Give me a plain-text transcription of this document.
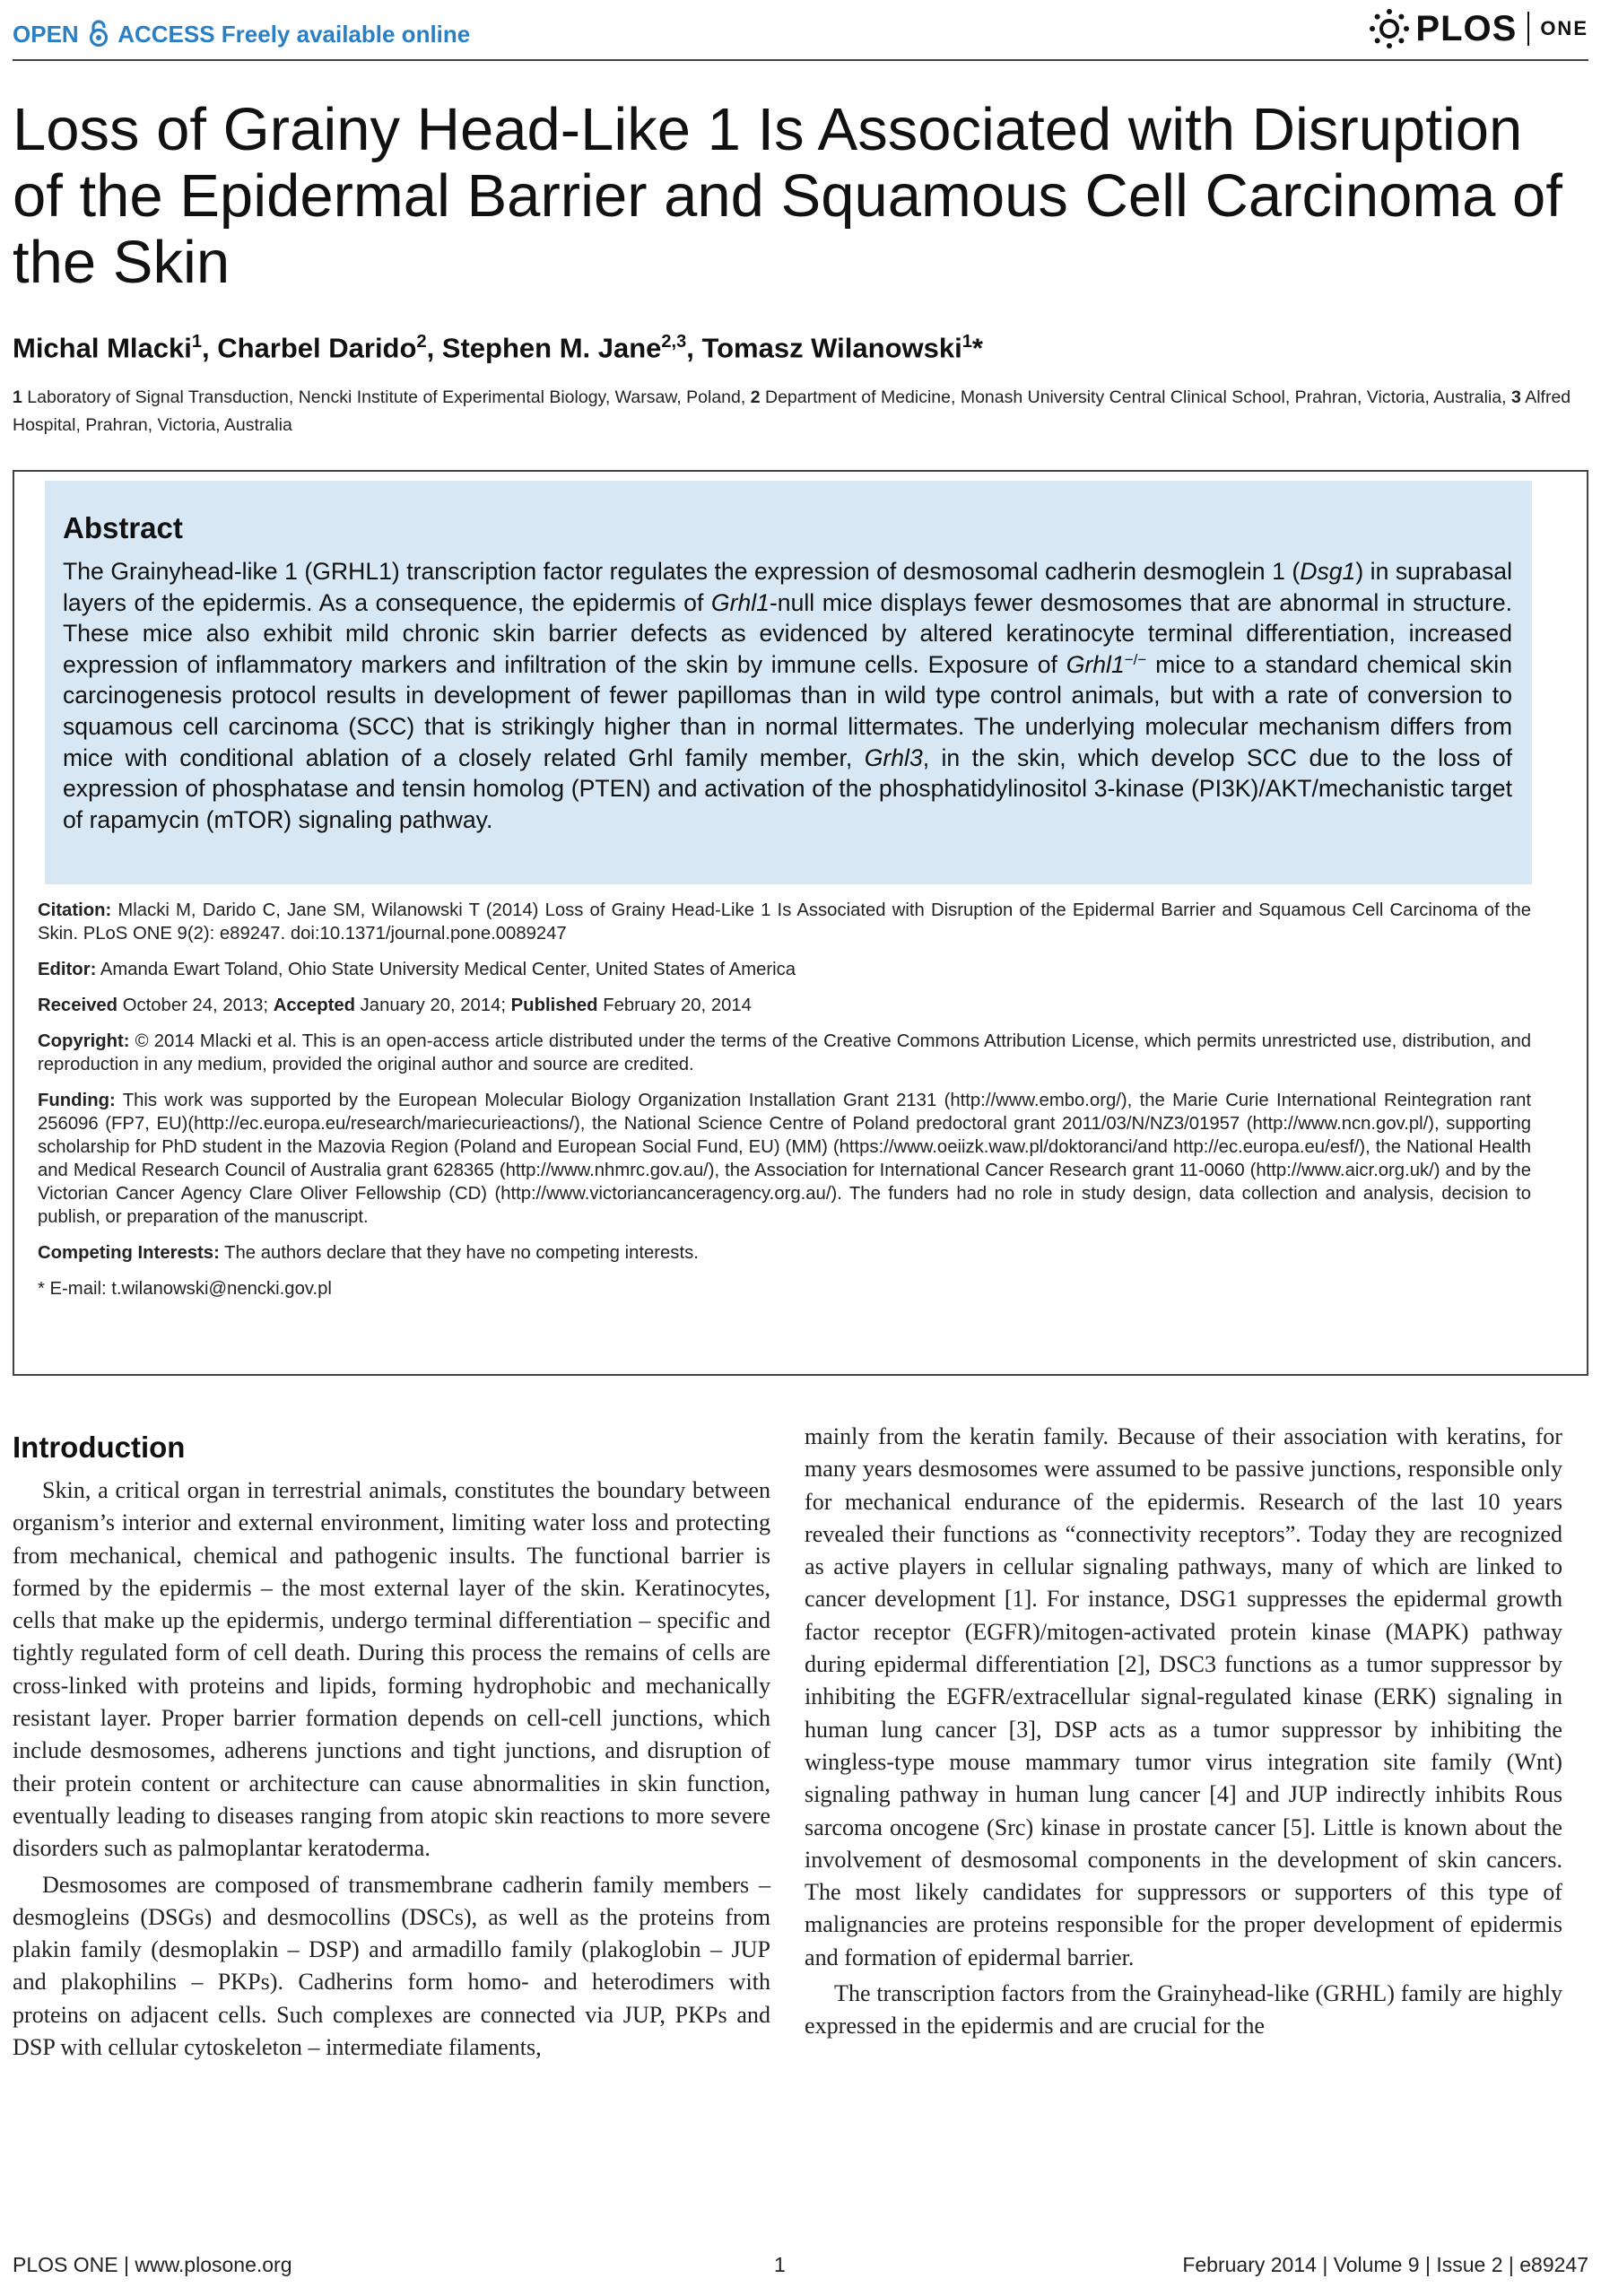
OPEN ACCESS Freely available online	PLOS ONE
Loss of Grainy Head-Like 1 Is Associated with Disruption of the Epidermal Barrier and Squamous Cell Carcinoma of the Skin
Michal Mlacki$^1$, Charbel Darido$^2$, Stephen M. Jane$^{2,3}$, Tomasz Wilanowski$^1$*
1 Laboratory of Signal Transduction, Nencki Institute of Experimental Biology, Warsaw, Poland, 2 Department of Medicine, Monash University Central Clinical School, Prahran, Victoria, Australia, 3 Alfred Hospital, Prahran, Victoria, Australia
Abstract

The Grainyhead-like 1 (GRHL1) transcription factor regulates the expression of desmosomal cadherin desmoglein 1 (Dsg1) in suprabasal layers of the epidermis. As a consequence, the epidermis of Grhl1-null mice displays fewer desmosomes that are abnormal in structure. These mice also exhibit mild chronic skin barrier defects as evidenced by altered keratinocyte terminal differentiation, increased expression of inflammatory markers and infiltration of the skin by immune cells. Exposure of Grhl1−/− mice to a standard chemical skin carcinogenesis protocol results in development of fewer papillomas than in wild type control animals, but with a rate of conversion to squamous cell carcinoma (SCC) that is strikingly higher than in normal littermates. The underlying molecular mechanism differs from mice with conditional ablation of a closely related Grhl family member, Grhl3, in the skin, which develop SCC due to the loss of expression of phosphatase and tensin homolog (PTEN) and activation of the phosphatidylinositol 3-kinase (PI3K)/AKT/mechanistic target of rapamycin (mTOR) signaling pathway.

Citation: Mlacki M, Darido C, Jane SM, Wilanowski T (2014) Loss of Grainy Head-Like 1 Is Associated with Disruption of the Epidermal Barrier and Squamous Cell Carcinoma of the Skin. PLoS ONE 9(2): e89247. doi:10.1371/journal.pone.0089247

Editor: Amanda Ewart Toland, Ohio State University Medical Center, United States of America

Received October 24, 2013; Accepted January 20, 2014; Published February 20, 2014

Copyright: © 2014 Mlacki et al. This is an open-access article distributed under the terms of the Creative Commons Attribution License, which permits unrestricted use, distribution, and reproduction in any medium, provided the original author and source are credited.

Funding: This work was supported by the European Molecular Biology Organization Installation Grant 2131 (http://www.embo.org/), the Marie Curie International Reintegration rant 256096 (FP7, EU)(http://ec.europa.eu/research/mariecurieactions/), the National Science Centre of Poland predoctoral grant 2011/03/N/NZ3/01957 (http://www.ncn.gov.pl/), supporting scholarship for PhD student in the Mazovia Region (Poland and European Social Fund, EU) (MM) (https://www.oeiizk.waw.pl/doktoranci/and http://ec.europa.eu/esf/), the National Health and Medical Research Council of Australia grant 628365 (http://www.nhmrc.gov.au/), the Association for International Cancer Research grant 11-0060 (http://www.aicr.org.uk/) and by the Victorian Cancer Agency Clare Oliver Fellowship (CD) (http://www.victoriancanceragency.org.au/). The funders had no role in study design, data collection and analysis, decision to publish, or preparation of the manuscript.

Competing Interests: The authors declare that they have no competing interests.

* E-mail: t.wilanowski@nencki.gov.pl

Introduction

Skin, a critical organ in terrestrial animals, constitutes the boundary between organism’s interior and external environment, limiting water loss and protecting from mechanical, chemical and pathogenic insults. The functional barrier is formed by the epidermis – the most external layer of the skin. Keratinocytes, cells that make up the epidermis, undergo terminal differentiation – specific and tightly regulated form of cell death. During this process the remains of cells are cross-linked with proteins and lipids, forming hydrophobic and mechanically resistant layer. Proper barrier formation depends on cell-cell junctions, which include desmosomes, adherens junctions and tight junctions, and disruption of their protein content or architecture can cause abnormalities in skin function, eventually leading to diseases ranging from atopic skin reactions to more severe disorders such as palmoplantar keratoderma.

Desmosomes are composed of transmembrane cadherin family members – desmogleins (DSGs) and desmocollins (DSCs), as well as the proteins from plakin family (desmoplakin – DSP) and armadillo family (plakoglobin – JUP and plakophilins – PKPs). Cadherins form homo- and heterodimers with proteins on adjacent cells. Such complexes are connected via JUP, PKPs and DSP with cellular cytoskeleton – intermediate filaments,

mainly from the keratin family. Because of their association with keratins, for many years desmosomes were assumed to be passive junctions, responsible only for mechanical endurance of the epidermis. Research of the last 10 years revealed their functions as “connectivity receptors”. Today they are recognized as active players in cellular signaling pathways, many of which are linked to cancer development [1]. For instance, DSG1 suppresses the epidermal growth factor receptor (EGFR)/mitogen-activated protein kinase (MAPK) pathway during epidermal differentiation [2], DSC3 functions as a tumor suppressor by inhibiting the EGFR/extracellular signal-regulated kinase (ERK) signaling in human lung cancer [3], DSP acts as a tumor suppressor by inhibiting the wingless-type mouse mammary tumor virus integration site family (Wnt) signaling pathway in human lung cancer [4] and JUP indirectly inhibits Rous sarcoma oncogene (Src) kinase in prostate cancer [5]. Little is known about the involvement of desmosomal components in the development of skin cancers. The most likely candidates for suppressors or supporters of this type of malignancies are proteins responsible for the proper development of epidermis and formation of epidermal barrier.

The transcription factors from the Grainyhead-like (GRHL) family are highly expressed in the epidermis and are crucial for the

PLOS ONE | www.plosone.org	1	February 2014 | Volume 9 | Issue 2 | e89247
